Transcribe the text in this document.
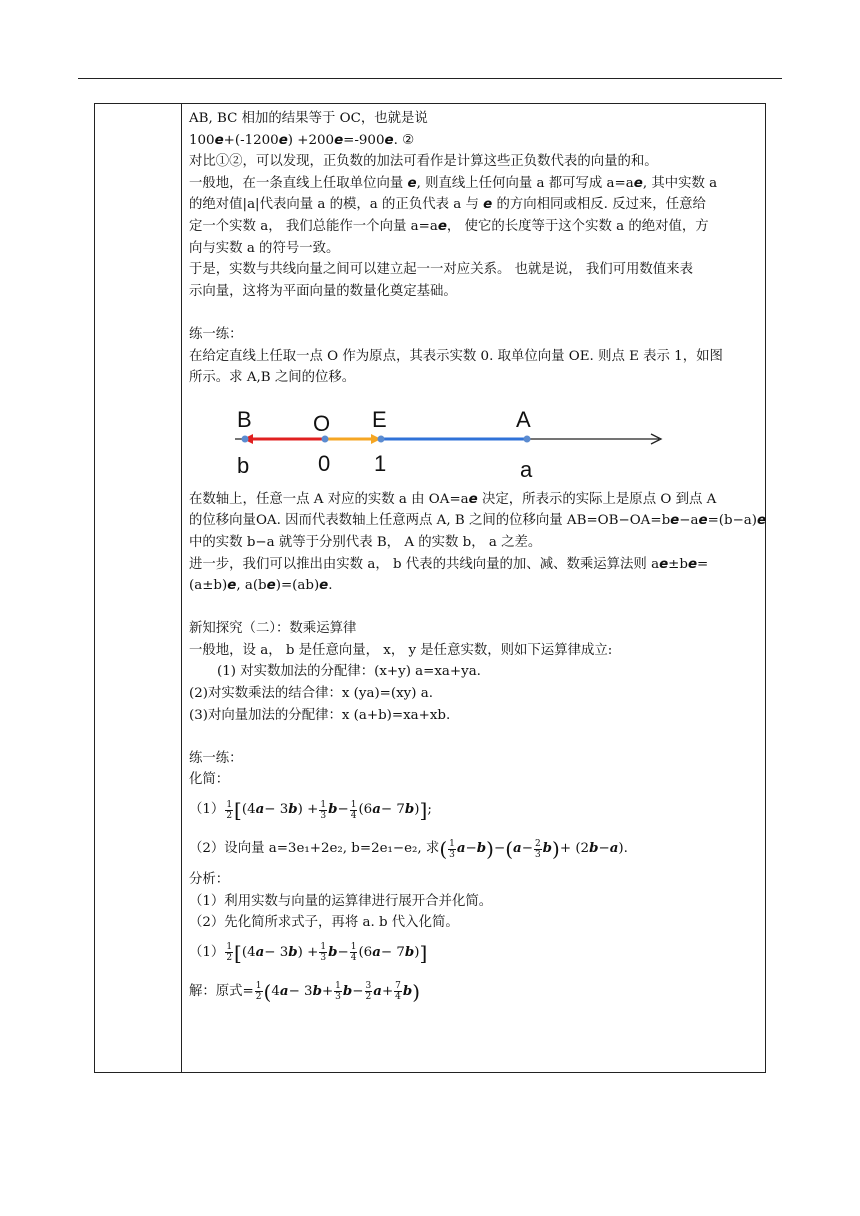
AB, BC 相加的结果等于 OC，也就是说
100e+(-1200e) +200e=-900e. ②
对比①②，可以发现，正负数的加法可看作是计算这些正负数代表的向量的和。
一般地，在一条直线上任取单位向量 e, 则直线上任何向量 a 都可写成 a=ae, 其中实数 a
的绝对值|a|代表向量 a 的模，a 的正负代表 a 与 e 的方向相同或相反. 反过来，任意给
定一个实数 a， 我们总能作一个向量 a=ae， 使它的长度等于这个实数 a 的绝对值，方
向与实数 a 的符号一致。
于是，实数与共线向量之间可以建立起一一对应关系。 也就是说， 我们可用数值来表
示向量，这将为平面向量的数量化奠定基础。
练一练：
在给定直线上任取一点 O 作为原点，其表示实数 0. 取单位向量 OE. 则点 E 表示 1，如图
所示。求 A,B 之间的位移。
B	O E	A
b	0 1	a
在数轴上，任意一点 A 对应的实数 a 由 OA=ae 决定，所表示的实际上是原点 O 到点 A
的位移向量OA. 因而代表数轴上任意两点 A, B 之间的位移向量 AB=OB−OA=be−ae=(b−a)e
中的实数 b−a 就等于分别代表 B， A 的实数 b， a 之差。
进一步，我们可以推出由实数 a， b 代表的共线向量的加、减、数乘运算法则 ae±be=
(a±b)e, a(be)=(ab)e.
新知探究（二）：数乘运算律
一般地，设 a， b 是任意向量， x， y 是任意实数，则如下运算律成立:
(1) 对实数加法的分配律：(x+y) a=xa+ya.
(2)对实数乘法的结合律：x (ya)=(xy) a.
(3)对向量加法的分配律：x (a+b)=xa+xb.
练一练：
化简：
$(1) \frac{1}{2}$ [ (4 a − 3 b ) + $\frac{1}{3}$ $b - \frac{1}{4} (6$ a − 7 b ) ] ;
（2）设向量 a=3e₁+2e₂, b=2e₁−e₂, 求 ( $\frac{1}{3}$ a − b ) − ( $a - \frac{2}{3}$ b ) + (2 b − a ).
分析：
（1）利用实数与向量的运算律进行展开合并化简。
（2）先化简所求式子，再将 a. b 代入化简。
$(1) \frac{1}{2}$ [ (4 a − 3 b ) + $\frac{1}{3}$ $b - \frac{1}{4} (6$ a − 7 b ) ]
解：原式= $\frac{1}{2}$ ( 4 a − 3 $b + \frac{1}{3}$ $b - \frac{3}{2}$ $a + \frac{7}{4}$ b )
